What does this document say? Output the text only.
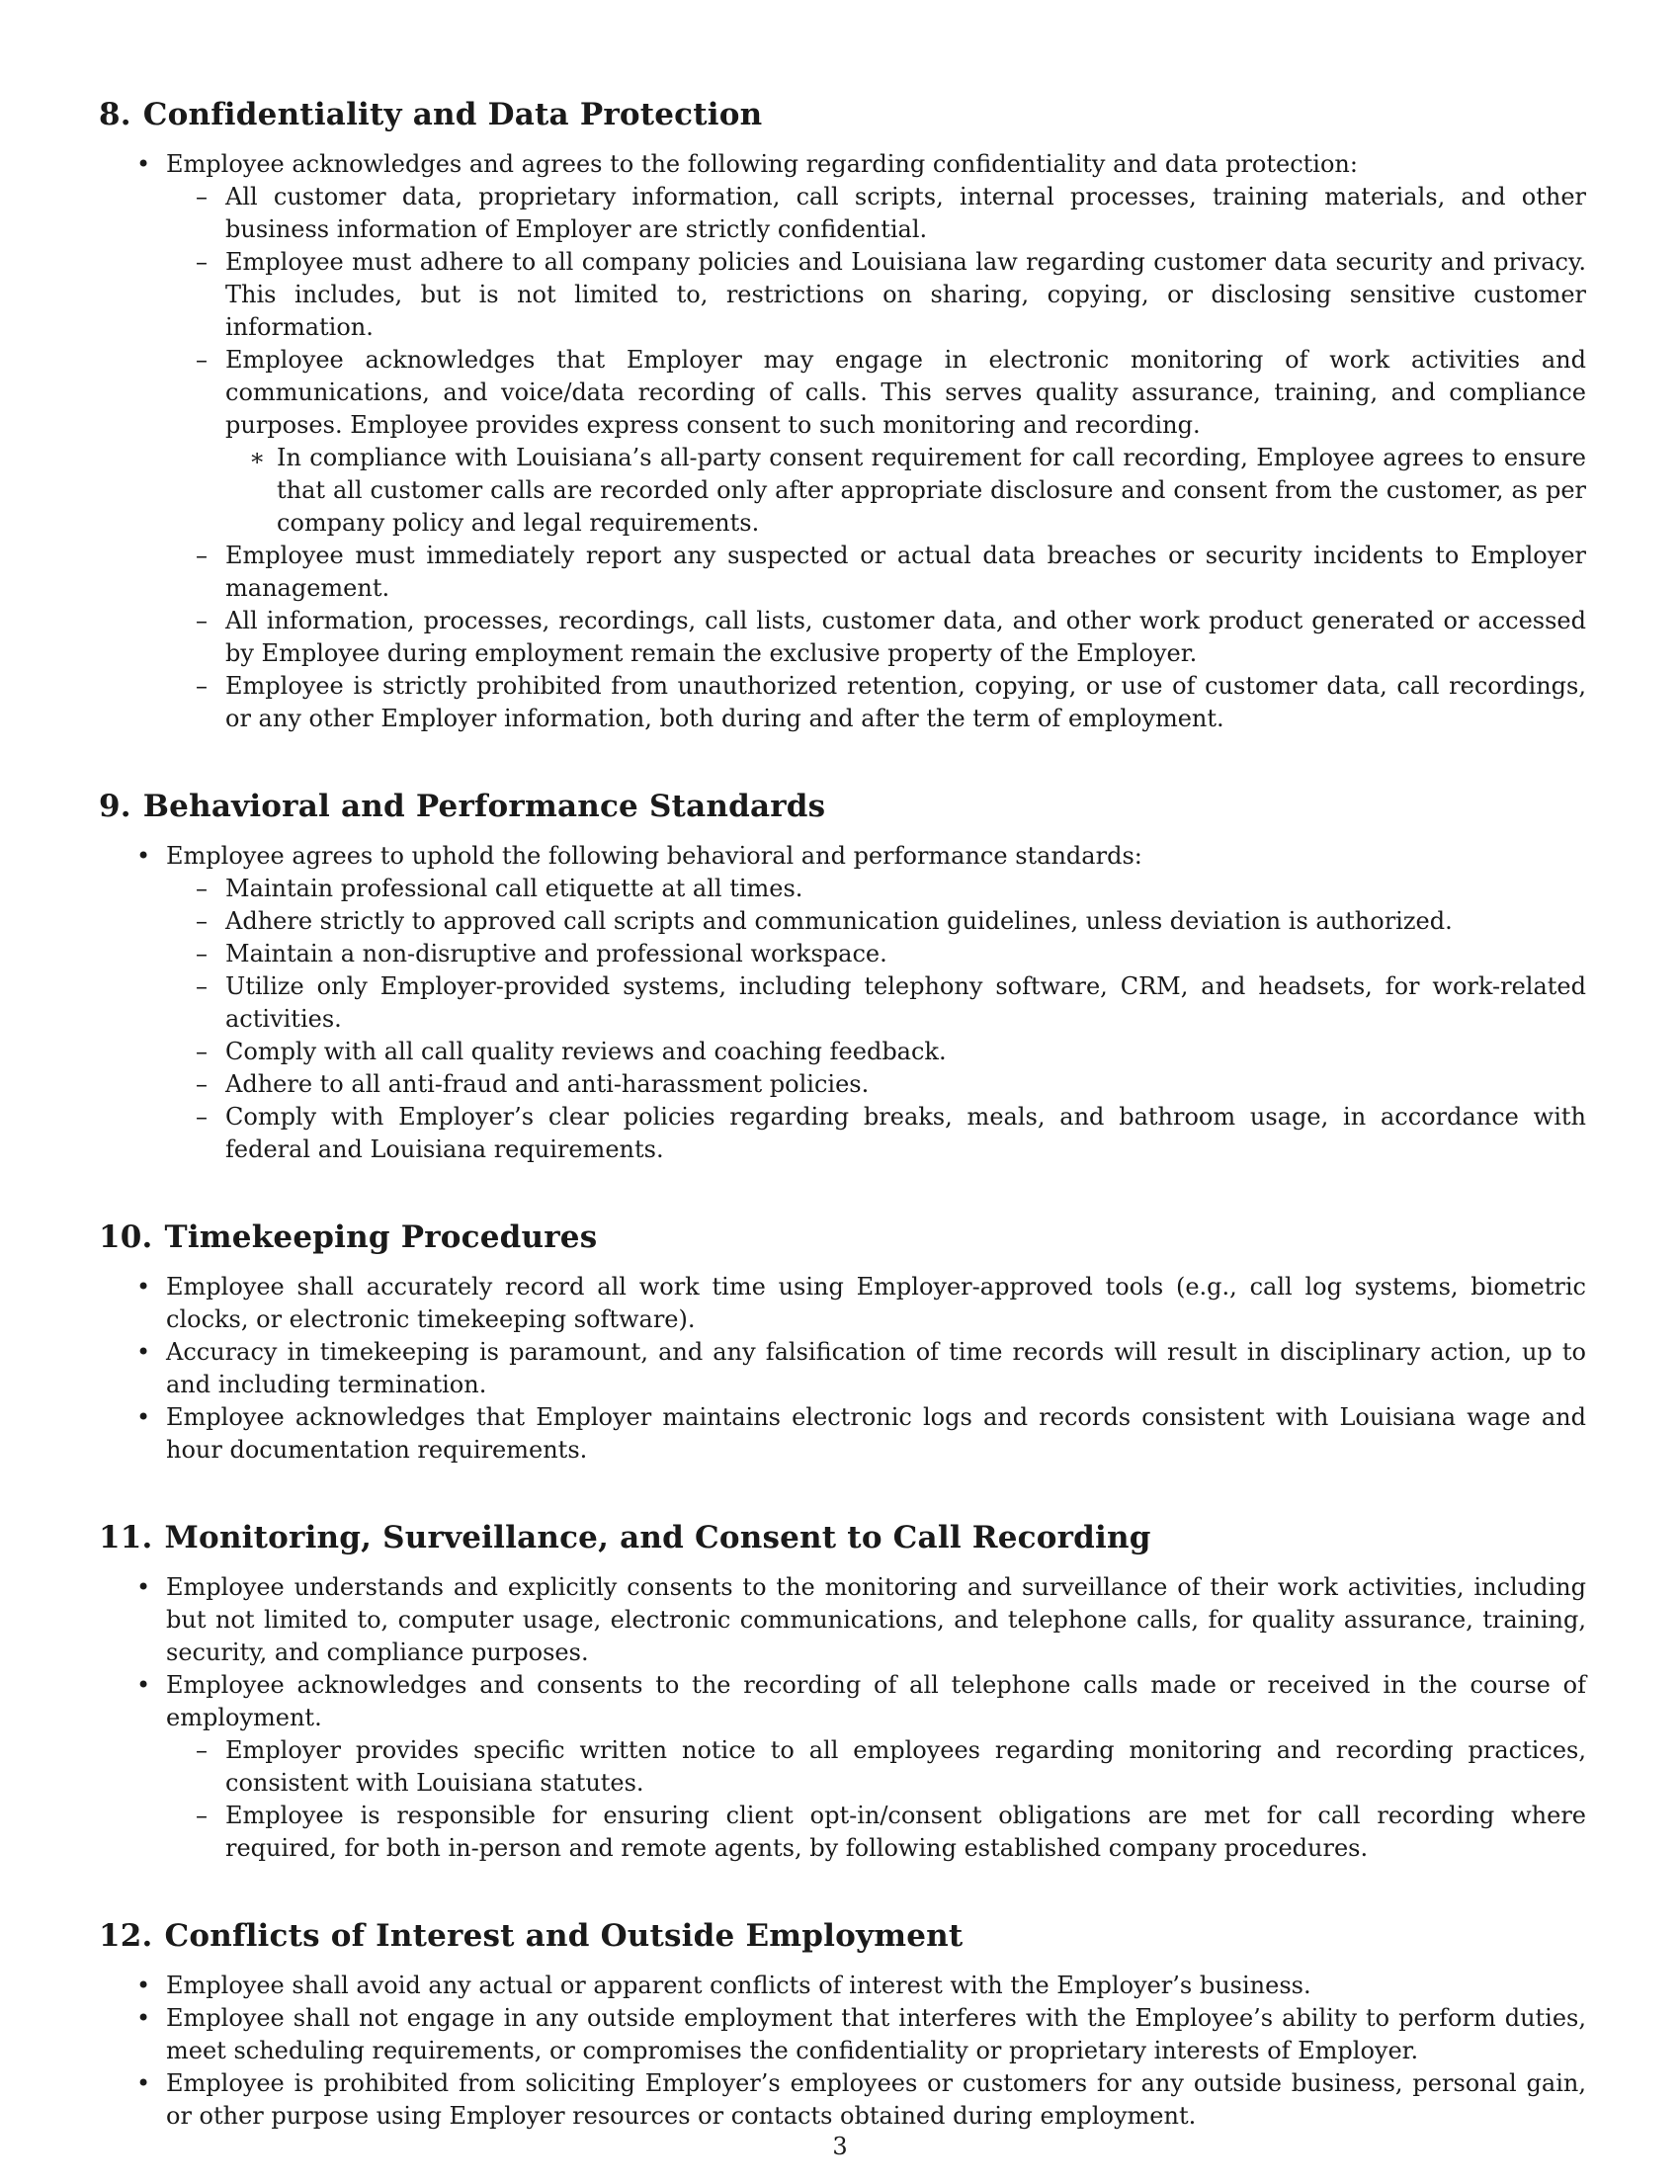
8. Confidentiality and Data Protection
• Employee acknowledges and agrees to the following regarding confidentiality and data protection:
– All customer data, proprietary information, call scripts, internal processes, training materials, and other business information of Employer are strictly confidential.
– Employee must adhere to all company policies and Louisiana law regarding customer data security and privacy. This includes, but is not limited to, restrictions on sharing, copying, or disclosing sensitive customer information.
– Employee acknowledges that Employer may engage in electronic monitoring of work activities and communications, and voice/data recording of calls. This serves quality assurance, training, and compliance purposes. Employee provides express consent to such monitoring and recording.
∗ In compliance with Louisiana’s all-party consent requirement for call recording, Employee agrees to ensure that all customer calls are recorded only after appropriate disclosure and consent from the customer, as per company policy and legal requirements.
– Employee must immediately report any suspected or actual data breaches or security incidents to Employer management.
– All information, processes, recordings, call lists, customer data, and other work product generated or accessed by Employee during employment remain the exclusive property of the Employer.
– Employee is strictly prohibited from unauthorized retention, copying, or use of customer data, call recordings, or any other Employer information, both during and after the term of employment.
9. Behavioral and Performance Standards
• Employee agrees to uphold the following behavioral and performance standards:
– Maintain professional call etiquette at all times.
– Adhere strictly to approved call scripts and communication guidelines, unless deviation is authorized.
– Maintain a non-disruptive and professional workspace.
– Utilize only Employer-provided systems, including telephony software, CRM, and headsets, for work-related activities.
– Comply with all call quality reviews and coaching feedback.
– Adhere to all anti-fraud and anti-harassment policies.
– Comply with Employer’s clear policies regarding breaks, meals, and bathroom usage, in accordance with federal and Louisiana requirements.
10. Timekeeping Procedures
• Employee shall accurately record all work time using Employer-approved tools (e.g., call log systems, biometric clocks, or electronic timekeeping software).
• Accuracy in timekeeping is paramount, and any falsification of time records will result in disciplinary action, up to and including termination.
• Employee acknowledges that Employer maintains electronic logs and records consistent with Louisiana wage and hour documentation requirements.
11. Monitoring, Surveillance, and Consent to Call Recording
• Employee understands and explicitly consents to the monitoring and surveillance of their work activities, including but not limited to, computer usage, electronic communications, and telephone calls, for quality assurance, training, security, and compliance purposes.
• Employee acknowledges and consents to the recording of all telephone calls made or received in the course of employment.
– Employer provides specific written notice to all employees regarding monitoring and recording practices, consistent with Louisiana statutes.
– Employee is responsible for ensuring client opt-in/consent obligations are met for call recording where required, for both in-person and remote agents, by following established company procedures.
12. Conflicts of Interest and Outside Employment
• Employee shall avoid any actual or apparent conflicts of interest with the Employer’s business.
• Employee shall not engage in any outside employment that interferes with the Employee’s ability to perform duties, meet scheduling requirements, or compromises the confidentiality or proprietary interests of Employer.
• Employee is prohibited from soliciting Employer’s employees or customers for any outside business, personal gain, or other purpose using Employer resources or contacts obtained during employment.
3
